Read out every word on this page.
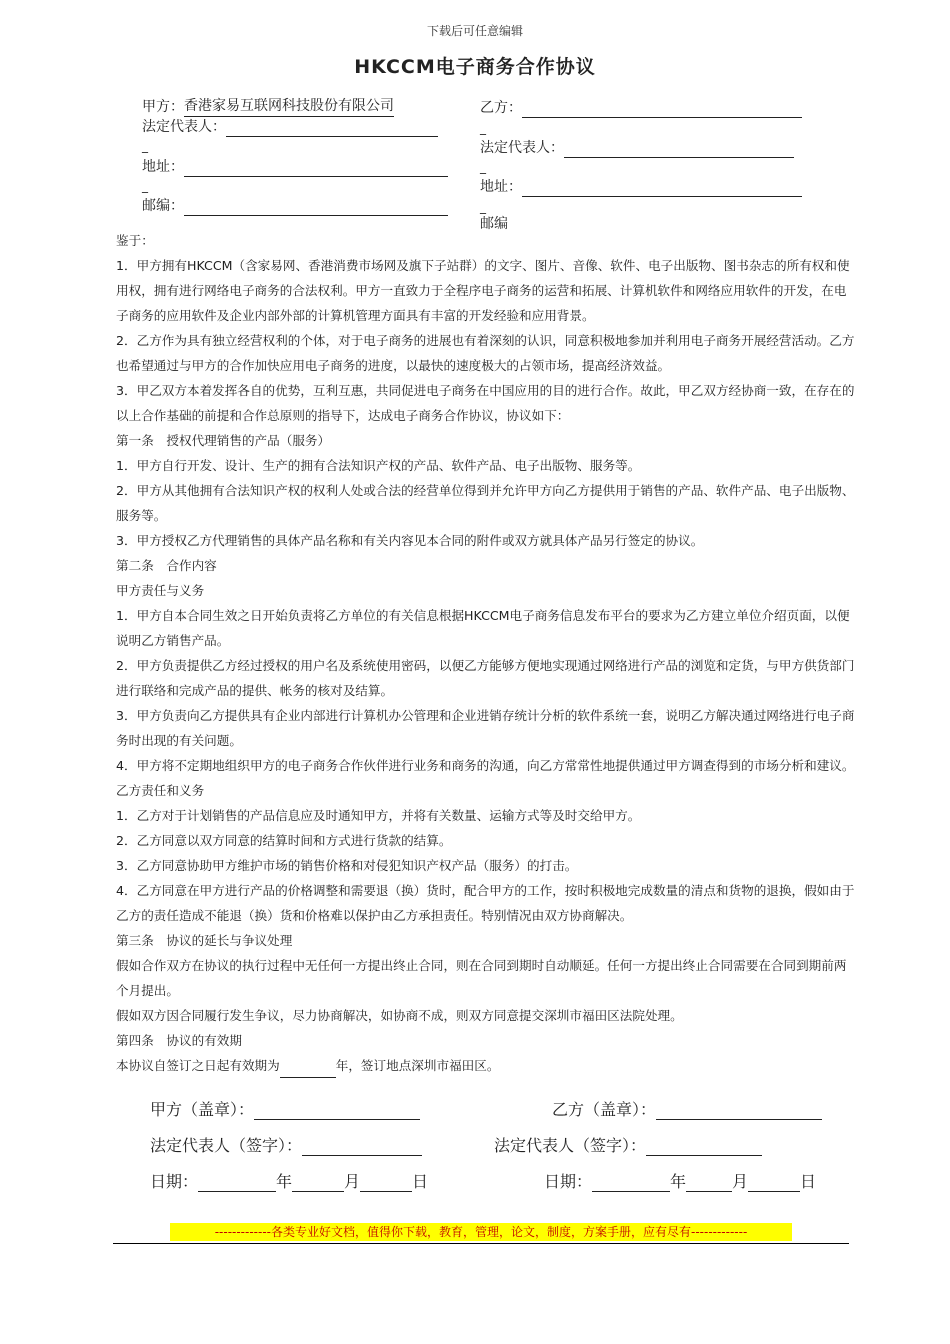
下载后可任意编辑
HKCCM电子商务合作协议
甲方：香港家易互联网科技股份有限公司
法定代表人：
_
地址：
_
邮编：
乙方：
_
法定代表人：
_
地址：
_
邮编

鉴于：

1．甲方拥有HKCCM（含家易网、香港消费市场网及旗下子站群）的文字、图片、音像、软件、电子出版物、图书杂志的所有权和使用权，拥有进行网络电子商务的合法权利。甲方一直致力于全程序电子商务的运营和拓展、计算机软件和网络应用软件的开发，在电子商务的应用软件及企业内部外部的计算机管理方面具有丰富的开发经验和应用背景。

2．乙方作为具有独立经营权利的个体，对于电子商务的进展也有着深刻的认识，同意积极地参加并利用电子商务开展经营活动。乙方也希望通过与甲方的合作加快应用电子商务的进度，以最快的速度极大的占领市场，提高经济效益。

3．甲乙双方本着发挥各自的优势，互利互惠，共同促进电子商务在中国应用的目的进行合作。故此，甲乙双方经协商一致，在存在的以上合作基础的前提和合作总原则的指导下，达成电子商务合作协议，协议如下：

第一条　授权代理销售的产品（服务）

1．甲方自行开发、设计、生产的拥有合法知识产权的产品、软件产品、电子出版物、服务等。

2．甲方从其他拥有合法知识产权的权利人处或合法的经营单位得到并允许甲方向乙方提供用于销售的产品、软件产品、电子出版物、服务等。

3．甲方授权乙方代理销售的具体产品名称和有关内容见本合同的附件或双方就具体产品另行签定的协议。

第二条　合作内容

甲方责任与义务

1．甲方自本合同生效之日开始负责将乙方单位的有关信息根据HKCCM电子商务信息发布平台的要求为乙方建立单位介绍页面，以便说明乙方销售产品。

2．甲方负责提供乙方经过授权的用户名及系统使用密码，以便乙方能够方便地实现通过网络进行产品的浏览和定货，与甲方供货部门进行联络和完成产品的提供、帐务的核对及结算。

3．甲方负责向乙方提供具有企业内部进行计算机办公管理和企业进销存统计分析的软件系统一套，说明乙方解决通过网络进行电子商务时出现的有关问题。

4．甲方将不定期地组织甲方的电子商务合作伙伴进行业务和商务的沟通，向乙方常常性地提供通过甲方调查得到的市场分析和建议。

乙方责任和义务

1．乙方对于计划销售的产品信息应及时通知甲方，并将有关数量、运输方式等及时交给甲方。

2．乙方同意以双方同意的结算时间和方式进行货款的结算。

3．乙方同意协助甲方维护市场的销售价格和对侵犯知识产权产品（服务）的打击。

4．乙方同意在甲方进行产品的价格调整和需要退（换）货时，配合甲方的工作，按时积极地完成数量的清点和货物的退换，假如由于乙方的责任造成不能退（换）货和价格难以保护由乙方承担责任。特别情况由双方协商解决。

第三条　协议的延长与争议处理

假如合作双方在协议的执行过程中无任何一方提出终止合同，则在合同到期时自动顺延。任何一方提出终止合同需要在合同到期前两个月提出。

假如双方因合同履行发生争议，尽力协商解决，如协商不成，则双方同意提交深圳市福田区法院处理。

第四条　协议的有效期

本协议自签订之日起有效期为	年，签订地点深圳市福田区。

甲方（盖章）：	乙方（盖章）：
法定代表人（签字）：	法定代表人（签字）：
日期：	年	月	日	日期：	年	月	日
-------------各类专业好文档，值得你下载，教育，管理，论文，制度，方案手册，应有尽有-------------
